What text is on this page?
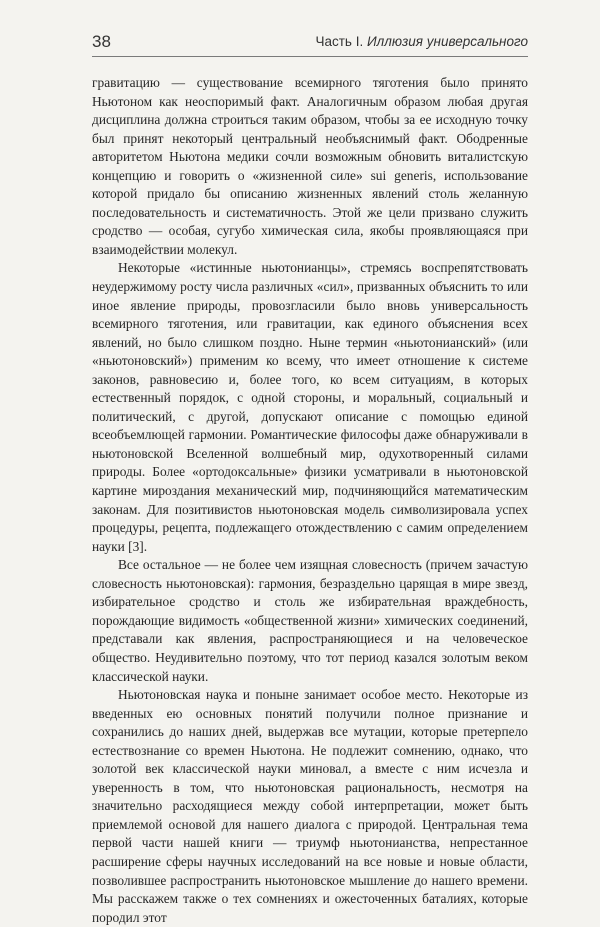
38	Часть I. Иллюзия универсального

гравитацию — существование всемирного тяготения было принято Ньютоном как неоспоримый факт. Аналогичным образом любая другая дисциплина должна строиться таким образом, чтобы за ее исходную точку был принят некоторый центральный необъяснимый факт. Ободренные авторитетом Ньютона медики сочли возможным обновить виталистскую концепцию и говорить о «жизненной силе» sui generis, использование которой придало бы описанию жизненных явлений столь желанную последовательность и систематичность. Этой же цели призвано служить сродство — особая, сугубо химическая сила, якобы проявляющаяся при взаимодействии молекул.

Некоторые «истинные ньютонианцы», стремясь воспрепятствовать неудержимому росту числа различных «сил», призванных объяснить то или иное явление природы, провозгласили было вновь универсальность всемирного тяготения, или гравитации, как единого объяснения всех явлений, но было слишком поздно. Ныне термин «ньютонианский» (или «ньютоновский») применим ко всему, что имеет отношение к системе законов, равновесию и, более того, ко всем ситуациям, в которых естественный порядок, с одной стороны, и моральный, социальный и политический, с другой, допускают описание с помощью единой всеобъемлющей гармонии. Романтические философы даже обнаруживали в ньютоновской Вселенной волшебный мир, одухотворенный силами природы. Более «ортодоксальные» физики усматривали в ньютоновской картине мироздания механический мир, подчиняющийся математическим законам. Для позитивистов ньютоновская модель символизировала успех процедуры, рецепта, подлежащего отождествлению с самим определением науки [3].

Все остальное — не более чем изящная словесность (причем зачастую словесность ньютоновская): гармония, безраздельно царящая в мире звезд, избирательное сродство и столь же избирательная враждебность, порождающие видимость «общественной жизни» химических соединений, представали как явления, распространяющиеся и на человеческое общество. Неудивительно поэтому, что тот период казался золотым веком классической науки.

Ньютоновская наука и поныне занимает особое место. Некоторые из введенных ею основных понятий получили полное признание и сохранились до наших дней, выдержав все мутации, которые претерпело естествознание со времен Ньютона. Не подлежит сомнению, однако, что золотой век классической науки миновал, а вместе с ним исчезла и уверенность в том, что ньютоновская рациональность, несмотря на значительно расходящиеся между собой интерпретации, может быть приемлемой основой для нашего диалога с природой. Центральная тема первой части нашей книги — триумф ньютонианства, непрестанное расширение сферы научных исследований на все новые и новые области, позволившее распространить ньютоновское мышление до нашего времени. Мы расскажем также о тех сомнениях и ожесточенных баталиях, которые породил этот
